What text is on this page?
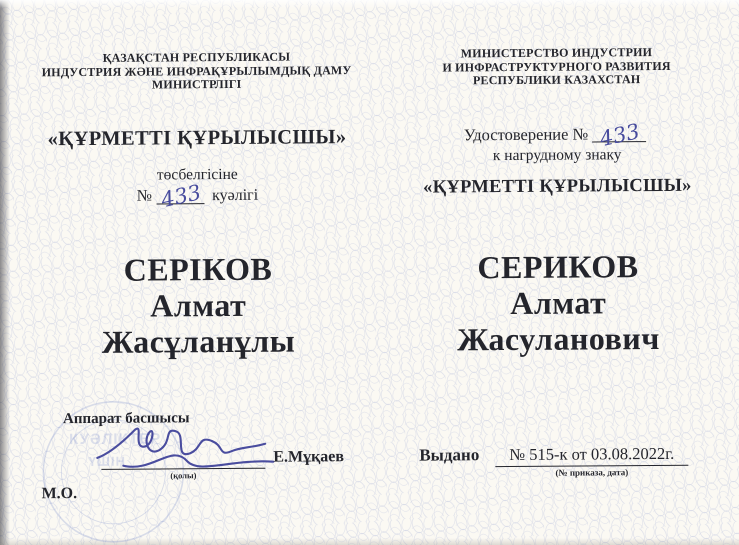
ҚАЗАҚСТАН РЕСПУБЛИКАСЫ
ИНДУСТРИЯ ЖӘНЕ ИНФРАҚҰРЫЛЫМДЫҚ ДАМУ
МИНИСТРЛІГІ
«ҚҰРМЕТТІ ҚҰРЫЛЫСШЫ»
төсбелгісіне
№ 433 куәлігі
СЕРІКОВ
Алмат
Жасұланұлы
КУӘЛІКТЕР
ҮШІН
Аппарат басшысы
(қолы)
Е.Мұқаев
М.О.
МИНИСТЕРСТВО ИНДУСТРИИ
И ИНФРАСТРУКТУРНОГО РАЗВИТИЯ
РЕСПУБЛИКИ КАЗАХСТАН
Удостоверение № 433
к нагрудному знаку
«ҚҰРМЕТТІ ҚҰРЫЛЫСШЫ»
СЕРИКОВ
Алмат
Жасуланович
Выдано	№ 515-к от 03.08.2022г.
(№ приказа, дата)
